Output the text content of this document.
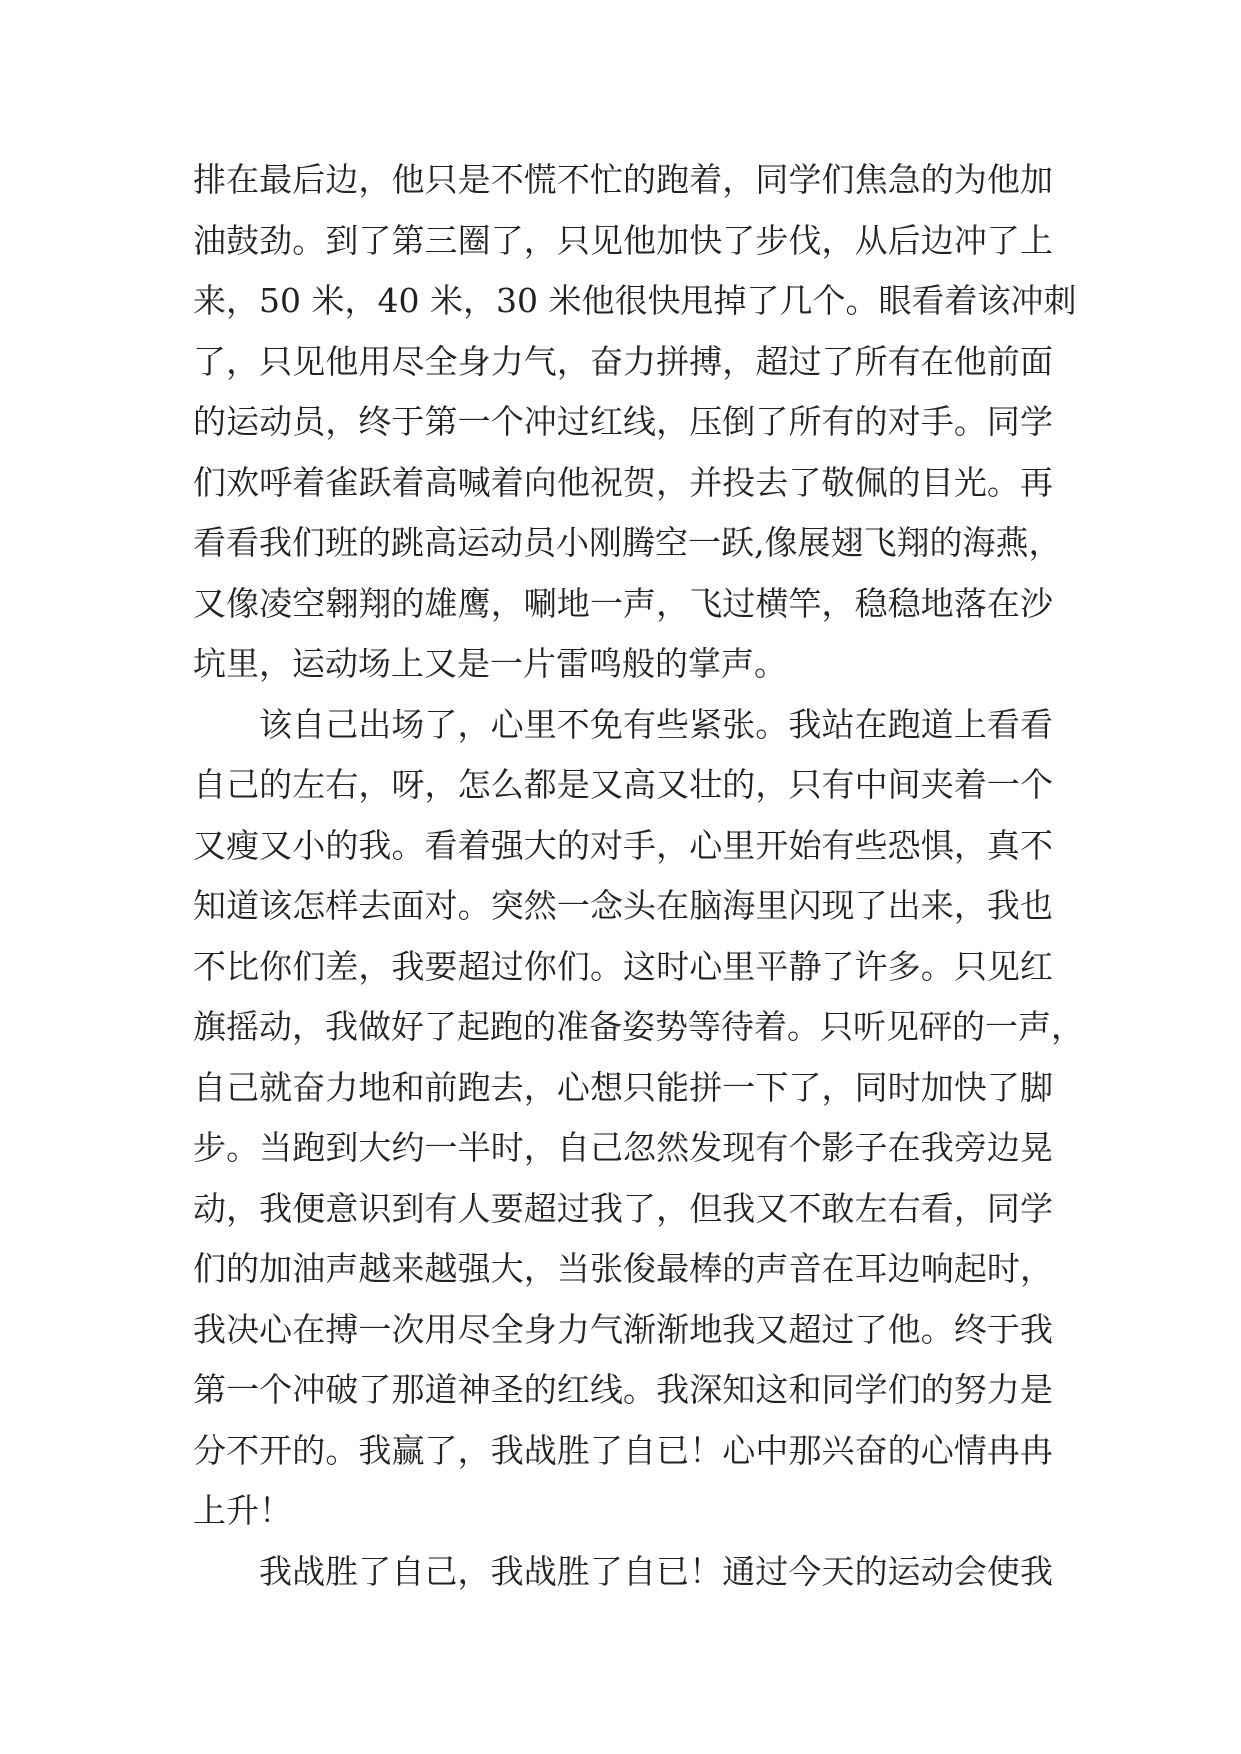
排在最后边，他只是不慌不忙的跑着，同学们焦急的为他加
油鼓劲。到了第三圈了，只见他加快了步伐，从后边冲了上
来，50 米，40 米，30 米他很快甩掉了几个。眼看着该冲刺
了，只见他用尽全身力气，奋力拼搏，超过了所有在他前面
的运动员，终于第一个冲过红线，压倒了所有的对手。同学
们欢呼着雀跃着高喊着向他祝贺，并投去了敬佩的目光。再
看看我们班的跳高运动员小刚腾空一跃,像展翅飞翔的海燕，
又像凌空翱翔的雄鹰，唰地一声，飞过横竿，稳稳地落在沙
坑里，运动场上又是一片雷鸣般的掌声。
该自己出场了，心里不免有些紧张。我站在跑道上看看
自己的左右，呀，怎么都是又高又壮的，只有中间夹着一个
又瘦又小的我。看着强大的对手，心里开始有些恐惧，真不
知道该怎样去面对。突然一念头在脑海里闪现了出来，我也
不比你们差，我要超过你们。这时心里平静了许多。只见红
旗摇动，我做好了起跑的准备姿势等待着。只听见砰的一声，
自己就奋力地和前跑去，心想只能拼一下了，同时加快了脚
步。当跑到大约一半时，自己忽然发现有个影子在我旁边晃
动，我便意识到有人要超过我了，但我又不敢左右看，同学
们的加油声越来越强大，当张俊最棒的声音在耳边响起时，
我决心在搏一次用尽全身力气渐渐地我又超过了他。终于我
第一个冲破了那道神圣的红线。我深知这和同学们的努力是
分不开的。我赢了，我战胜了自已！心中那兴奋的心情冉冉
上升！
我战胜了自己，我战胜了自已！通过今天的运动会使我
